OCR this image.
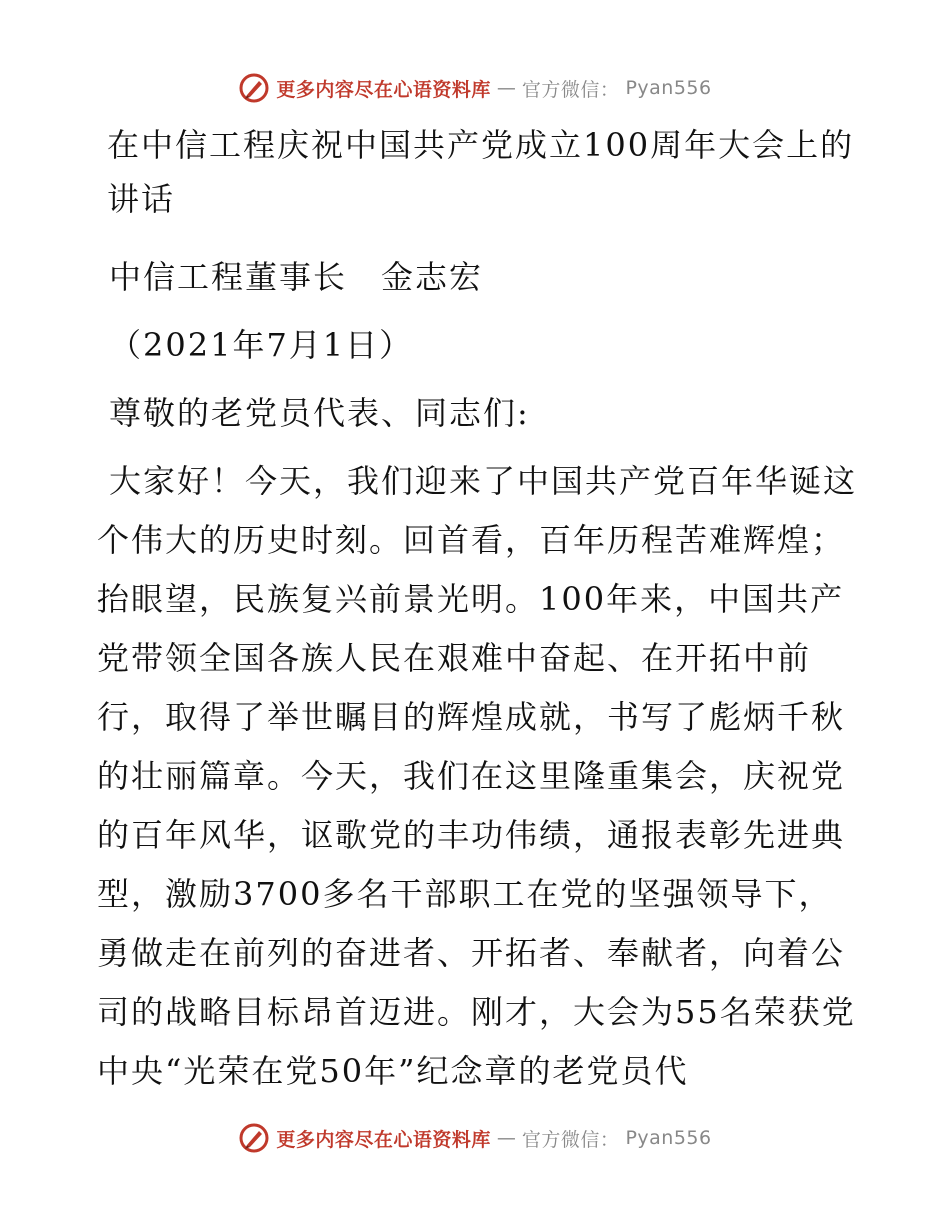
更多内容尽在心语资料库 — 官方微信： Pyan556
在中信工程庆祝中国共产党成立100周年大会上的讲话

中信工程董事长　金志宏

（2021年7月1日）

尊敬的老党员代表、同志们:

大家好！今天，我们迎来了中国共产党百年华诞这个伟大的历史时刻。回首看，百年历程苦难辉煌；抬眼望，民族复兴前景光明。100年来，中国共产党带领全国各族人民在艰难中奋起、在开拓中前行，取得了举世瞩目的辉煌成就，书写了彪炳千秋的壮丽篇章。今天，我们在这里隆重集会，庆祝党的百年风华，讴歌党的丰功伟绩，通报表彰先进典型，激励3700多名干部职工在党的坚强领导下，勇做走在前列的奋进者、开拓者、奉献者，向着公司的战略目标昂首迈进。刚才，大会为55名荣获党中央“光荣在党50年”纪念章的老党员代

更多内容尽在心语资料库 — 官方微信： Pyan556
